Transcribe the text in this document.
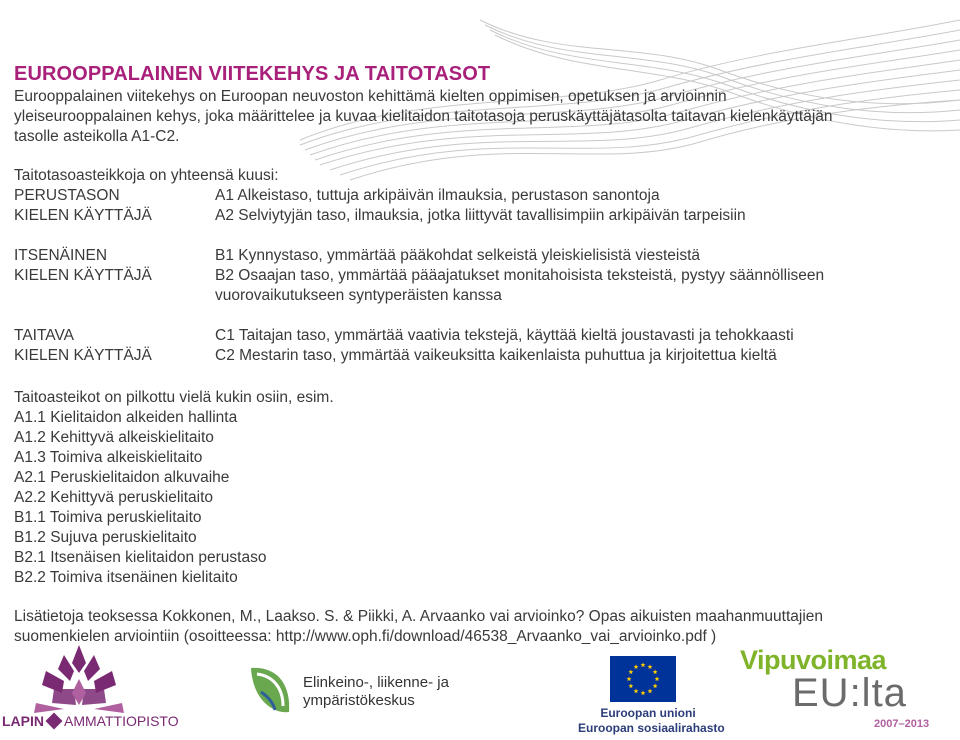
EUROOPPALAINEN VIITEKEHYS JA TAITOTASOT
Eurooppalainen viitekehys on Euroopan neuvoston kehittämä kielten oppimisen, opetuksen ja arvioinnin
yleiseurooppalainen kehys, joka määrittelee ja kuvaa kielitaidon taitotasoja peruskäyttäjätasolta taitavan kielenkäyttäjän
tasolle asteikolla A1-C2.
Taitotasoasteikkoja on yhteensä kuusi:
PERUSTASON
KIELEN KÄYTTÄJÄ
A1 Alkeistaso, tuttuja arkipäivän ilmauksia, perustason sanontoja
A2 Selviytyjän taso, ilmauksia, jotka liittyvät tavallisimpiin arkipäivän tarpeisiin
ITSENÄINEN
KIELEN KÄYTTÄJÄ
B1 Kynnystaso, ymmärtää pääkohdat selkeistä yleiskielisistä viesteistä
B2 Osaajan taso, ymmärtää pääajatukset monitahoisista teksteistä, pystyy säännölliseen
vuorovaikutukseen syntyperäisten kanssa
TAITAVA
KIELEN KÄYTTÄJÄ
C1 Taitajan taso, ymmärtää vaativia tekstejä, käyttää kieltä joustavasti ja tehokkaasti
C2 Mestarin taso, ymmärtää vaikeuksitta kaikenlaista puhuttua ja kirjoitettua kieltä
Taitoasteikot on pilkottu vielä kukin osiin, esim.
A1.1 Kielitaidon alkeiden hallinta
A1.2 Kehittyvä alkeiskielitaito
A1.3 Toimiva alkeiskielitaito
A2.1 Peruskielitaidon alkuvaihe
A2.2 Kehittyvä peruskielitaito
B1.1 Toimiva peruskielitaito
B1.2 Sujuva peruskielitaito
B2.1 Itsenäisen kielitaidon perustaso
B2.2 Toimiva itsenäinen kielitaito
Lisätietoja teoksessa Kokkonen, M., Laakso. S. & Piikki, A. Arvaanko vai arvioinko? Opas aikuisten maahanmuuttajien
suomenkielen arviointiin (osoitteessa: http://www.oph.fi/download/46538_Arvaanko_vai_arvioinko.pdf )
LAPIN AMMATTIOPISTO
Elinkeino-, liikenne- ja
ympäristökeskus
Euroopan unioni
Euroopan sosiaalirahasto
Vipuvoimaa
EU:lta
2007–2013
